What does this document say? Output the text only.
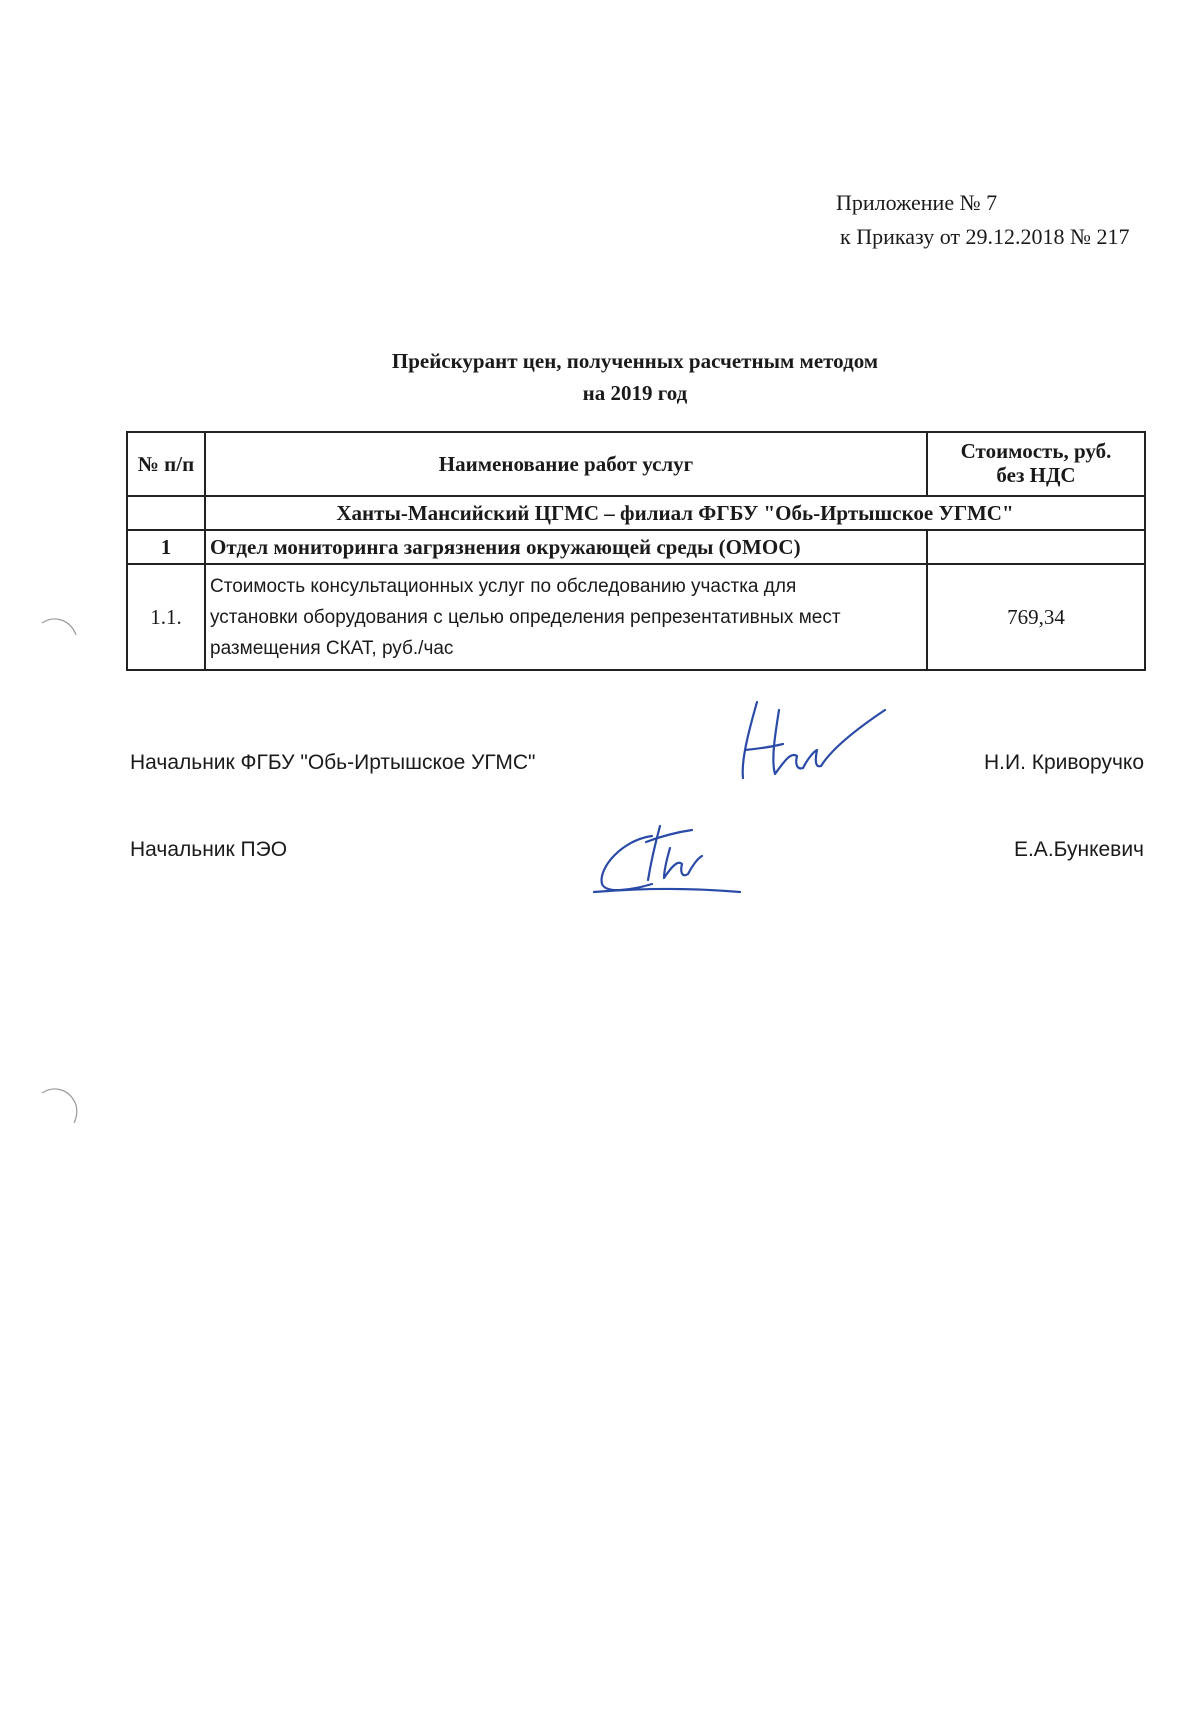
Приложение № 7
к Приказу от 29.12.2018 № 217
Прейскурант цен, полученных расчетным методом
на 2019 год
№ п/п	Наименование работ услуг	Стоимость, руб.
без НДС

	Ханты-Мансийский ЦГМС – филиал ФГБУ "Обь-Иртышское УГМС"	
1	Отдел мониторинга загрязнения окружающей среды (ОМОС)	
1.1.	Стоимость консультационных услуг по обследованию участка для
установки оборудования с целью определения репрезентативных мест
размещения СКАТ, руб./час	769,34
Начальник ФГБУ "Обь-Иртышское УГМС"	Н.И. Криворучко
Начальник ПЭО	Е.А.Бункевич
